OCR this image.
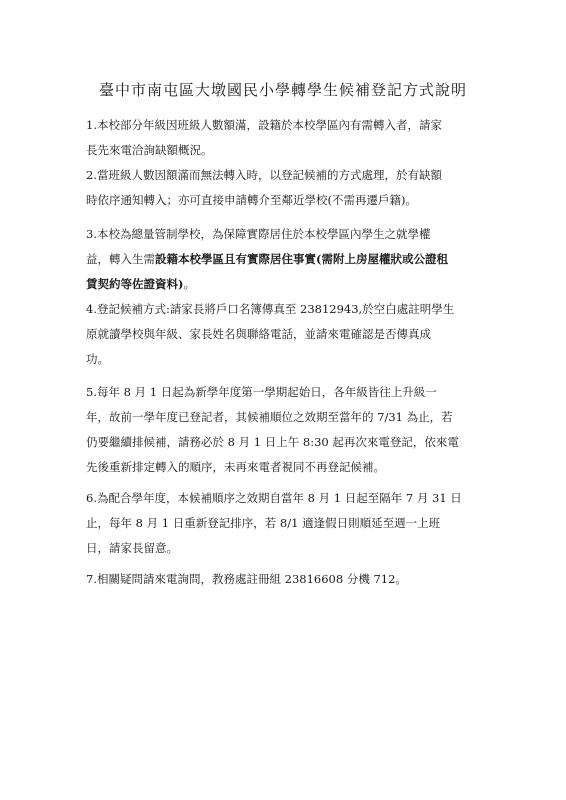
臺中市南屯區大墩國民小學轉學生候補登記方式說明
1.本校部分年級因班級人數額滿，設籍於本校學區內有需轉入者，請家
長先來電洽詢缺額概況。
2.當班級人數因額滿而無法轉入時，以登記候補的方式處理，於有缺額
時依序通知轉入；亦可直接申請轉介至鄰近學校(不需再遷戶籍)。
3.本校為總量管制學校，為保障實際居住於本校學區內學生之就學權
益，轉入生需設籍本校學區且有實際居住事實(需附上房屋權狀或公證租
賃契約等佐證資料)。
4.登記候補方式:請家長將戶口名簿傳真至 23812943,於空白處註明學生
原就讀學校與年級、家長姓名與聯絡電話，並請來電確認是否傳真成
功。
5.每年 8 月 1 日起為新學年度第一學期起始日，各年級皆往上升級一
年，故前一學年度已登記者，其候補順位之效期至當年的 7/31 為止，若
仍要繼續排候補，請務必於 8 月 1 日上午 8:30 起再次來電登記，依來電
先後重新排定轉入的順序，未再來電者視同不再登記候補。
6.為配合學年度，本候補順序之效期自當年 8 月 1 日起至隔年 7 月 31 日
止，每年 8 月 1 日重新登記排序，若 8/1 適逢假日則順延至週一上班
日，請家長留意。
7.相關疑問請來電詢問，教務處註冊組 23816608 分機 712。
